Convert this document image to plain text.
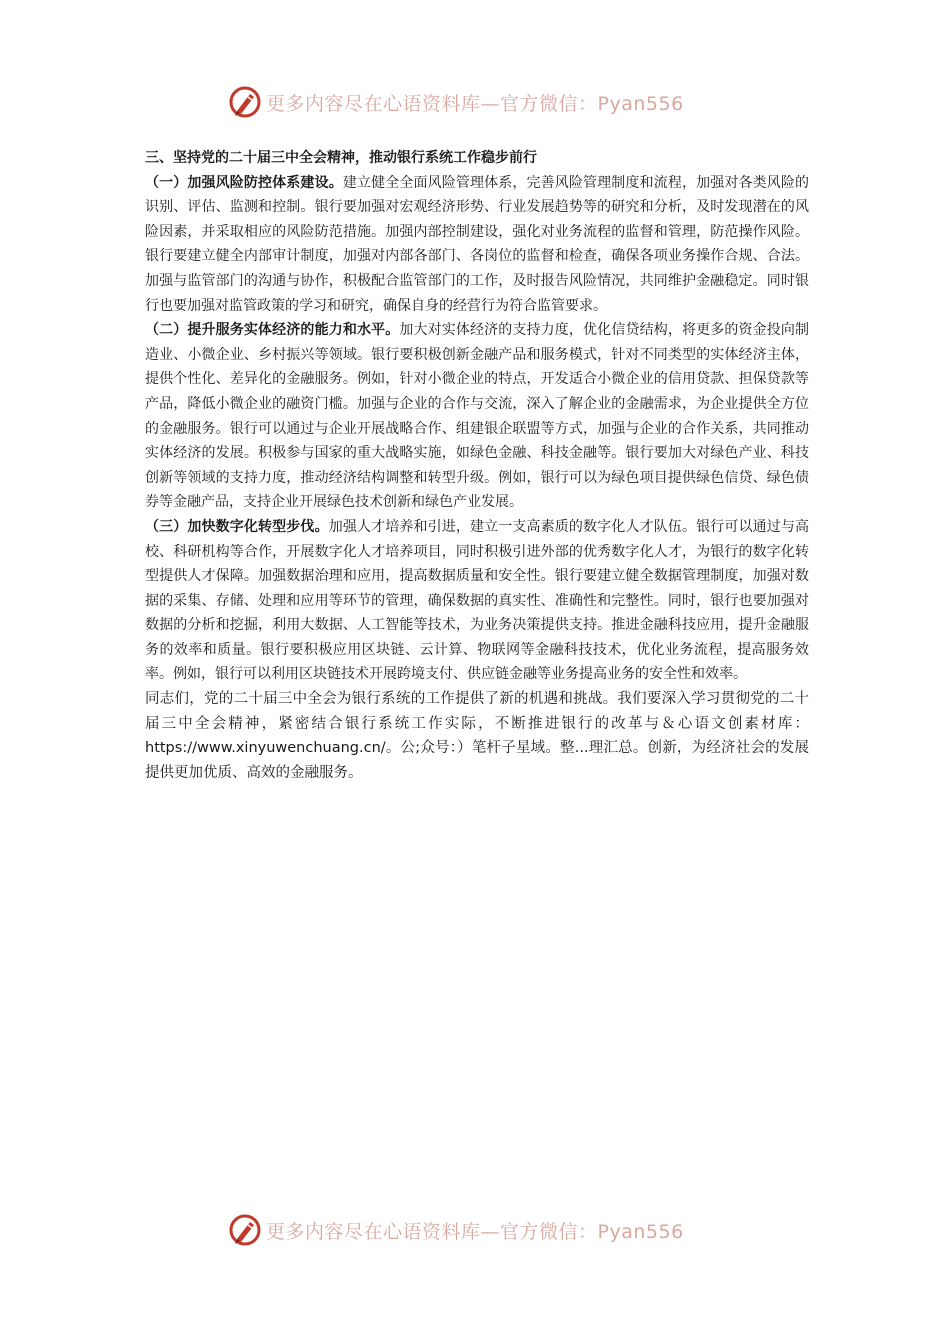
更多内容尽在心语资料库—官方微信：Pyan556

三、坚持党的二十届三中全会精神，推动银行系统工作稳步前行

（一）加强风险防控体系建设。建立健全全面风险管理体系，完善风险管理制度和流程，加强对各类风险的识别、评估、监测和控制。银行要加强对宏观经济形势、行业发展趋势等的研究和分析，及时发现潜在的风险因素，并采取相应的风险防范措施。加强内部控制建设，强化对业务流程的监督和管理，防范操作风险。银行要建立健全内部审计制度，加强对内部各部门、各岗位的监督和检查，确保各项业务操作合规、合法。加强与监管部门的沟通与协作，积极配合监管部门的工作，及时报告风险情况，共同维护金融稳定。同时银行也要加强对监管政策的学习和研究，确保自身的经营行为符合监管要求。

（二）提升服务实体经济的能力和水平。加大对实体经济的支持力度，优化信贷结构，将更多的资金投向制造业、小微企业、乡村振兴等领域。银行要积极创新金融产品和服务模式，针对不同类型的实体经济主体，提供个性化、差异化的金融服务。例如，针对小微企业的特点，开发适合小微企业的信用贷款、担保贷款等产品，降低小微企业的融资门槛。加强与企业的合作与交流，深入了解企业的金融需求，为企业提供全方位的金融服务。银行可以通过与企业开展战略合作、组建银企联盟等方式，加强与企业的合作关系，共同推动实体经济的发展。积极参与国家的重大战略实施，如绿色金融、科技金融等。银行要加大对绿色产业、科技创新等领域的支持力度，推动经济结构调整和转型升级。例如，银行可以为绿色项目提供绿色信贷、绿色债券等金融产品，支持企业开展绿色技术创新和绿色产业发展。

（三）加快数字化转型步伐。加强人才培养和引进，建立一支高素质的数字化人才队伍。银行可以通过与高校、科研机构等合作，开展数字化人才培养项目，同时积极引进外部的优秀数字化人才，为银行的数字化转型提供人才保障。加强数据治理和应用，提高数据质量和安全性。银行要建立健全数据管理制度，加强对数据的采集、存储、处理和应用等环节的管理，确保数据的真实性、准确性和完整性。同时，银行也要加强对数据的分析和挖掘，利用大数据、人工智能等技术，为业务决策提供支持。推进金融科技应用，提升金融服务的效率和质量。银行要积极应用区块链、云计算、物联网等金融科技技术，优化业务流程，提高服务效率。例如，银行可以利用区块链技术开展跨境支付、供应链金融等业务提高业务的安全性和效率。

同志们，党的二十届三中全会为银行系统的工作提供了新的机遇和挑战。我们要深入学习贯彻党的二十届三中全会精神，紧密结合银行系统工作实际，不断推进银行的改革与＆心语文创素材库：https://www.xinyuwenchuang.cn/。公;众号：）笔杆子星域。整...理汇总。创新，为经济社会的发展提供更加优质、高效的金融服务。

更多内容尽在心语资料库—官方微信：Pyan556
